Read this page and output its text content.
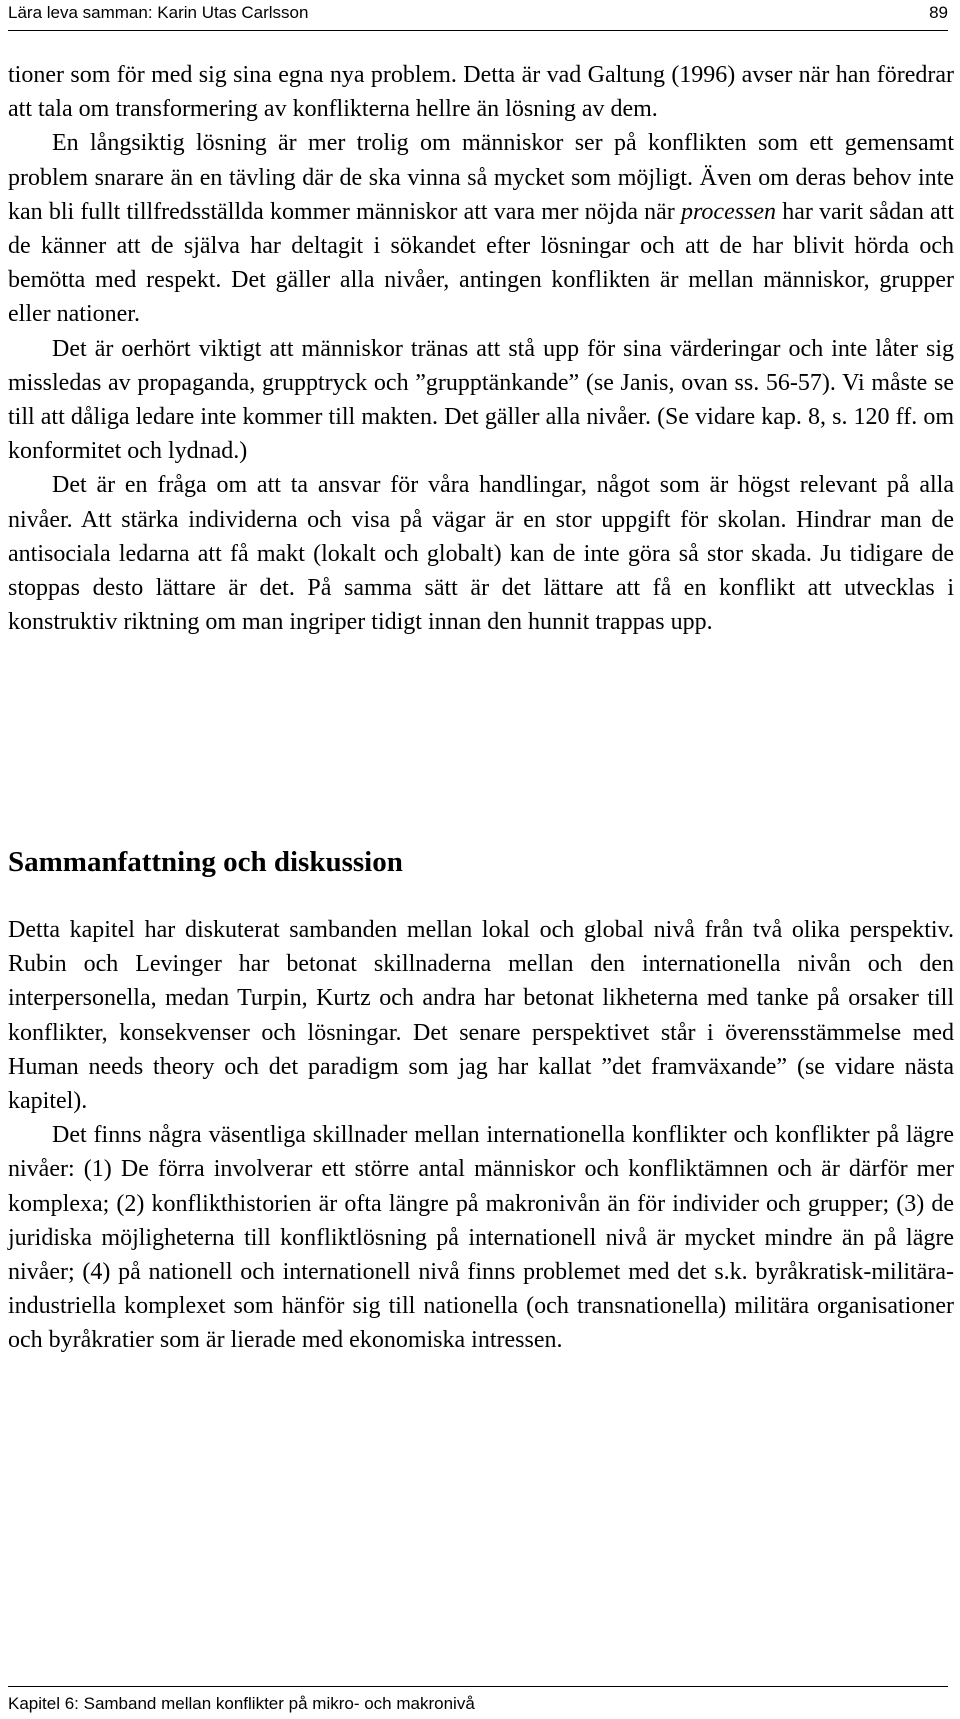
Lära leva samman: Karin Utas Carlsson	89

tioner som för med sig sina egna nya problem. Detta är vad Galtung (1996) avser när han föredrar att tala om transformering av konflikterna hellre än lösning av dem.

En långsiktig lösning är mer trolig om människor ser på konflikten som ett gemensamt problem snarare än en tävling där de ska vinna så mycket som möjligt. Även om deras behov inte kan bli fullt tillfredsställda kommer människor att vara mer nöjda när processen har varit sådan att de känner att de själva har deltagit i sökandet efter lösningar och att de har blivit hörda och bemötta med respekt. Det gäller alla nivåer, antingen konflikten är mellan människor, grupper eller nationer.

Det är oerhört viktigt att människor tränas att stå upp för sina värderingar och inte låter sig missledas av propaganda, grupptryck och ”grupptänkande” (se Janis, ovan ss. 56-57). Vi måste se till att dåliga ledare inte kommer till makten. Det gäller alla nivåer. (Se vidare kap. 8, s. 120 ff. om konformitet och lydnad.)

Det är en fråga om att ta ansvar för våra handlingar, något som är högst relevant på alla nivåer. Att stärka individerna och visa på vägar är en stor uppgift för skolan. Hindrar man de antisociala ledarna att få makt (lokalt och globalt) kan de inte göra så stor skada. Ju tidigare de stoppas desto lättare är det. På samma sätt är det lättare att få en konflikt att utvecklas i konstruktiv riktning om man ingriper tidigt innan den hunnit trappas upp.

Sammanfattning och diskussion

Detta kapitel har diskuterat sambanden mellan lokal och global nivå från två olika perspektiv. Rubin och Levinger har betonat skillnaderna mellan den internationella nivån och den interpersonella, medan Turpin, Kurtz och andra har betonat likheterna med tanke på orsaker till konflikter, konsekvenser och lösningar. Det senare perspektivet står i överensstämmelse med Human needs theory och det paradigm som jag har kallat ”det framväxande” (se vidare nästa kapitel).

Det finns några väsentliga skillnader mellan internationella konflikter och konflikter på lägre nivåer: (1) De förra involverar ett större antal människor och konfliktämnen och är därför mer komplexa; (2) konflikthistorien är ofta längre på makronivån än för individer och grupper; (3) de juridiska möjligheterna till konfliktlösning på internationell nivå är mycket mindre än på lägre nivåer; (4) på nationell och internationell nivå finns problemet med det s.k. byråkratisk-militära-industriella komplexet som hänför sig till nationella (och transnationella) militära organisationer och byråkratier som är lierade med ekonomiska intressen.

Kapitel 6: Samband mellan konflikter på mikro- och makronivå
